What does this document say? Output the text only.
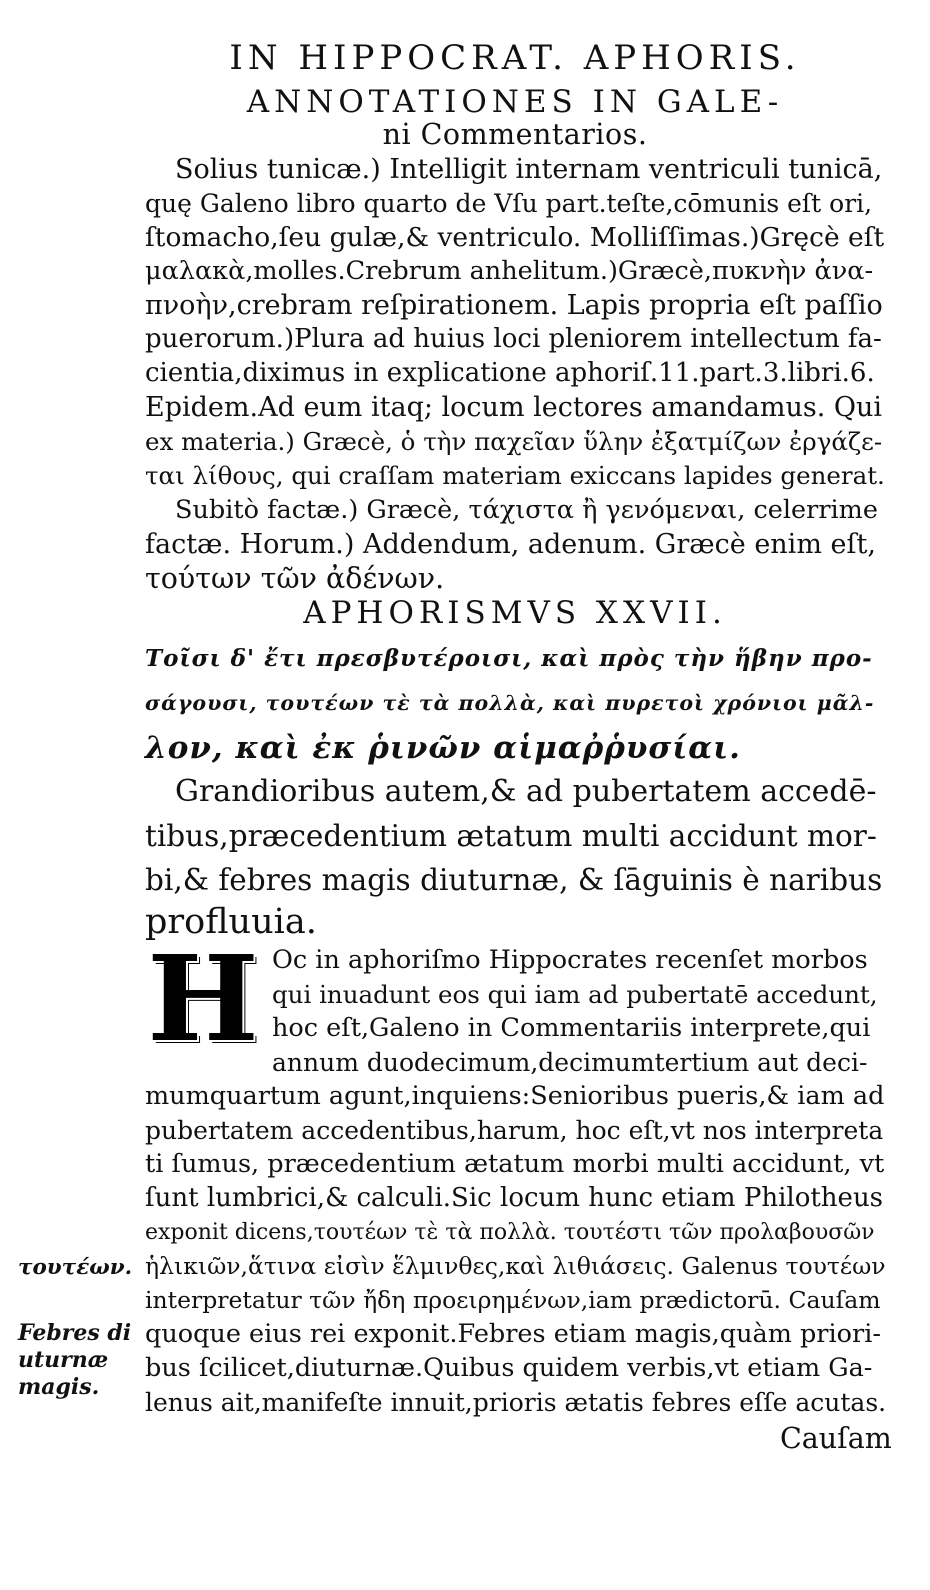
IN HIPPOCRAT. APHORIS.
ANNOTATIONES IN GALE-
ni Commentarios.
Solius tunicæ.) Intelligit internam ventriculi tunicā,
quę Galeno libro quarto de Vſu part.teſte,cōmunis eſt ori,
ſtomacho,ſeu gulæ,& ventriculo. Molliſſimas.)Gręcè eſt
μαλακὰ,molles.Crebrum anhelitum.)Græcè,πυκνὴν ἀνα-
πνοὴν,crebram reſpirationem. Lapis propria eſt paſſio
puerorum.)Plura ad huius loci pleniorem intellectum fa-
cientia,diximus in explicatione aphoriſ.11.part.3.libri.6.
Epidem.Ad eum itaq; locum lectores amandamus. Qui
ex materia.) Græcè, ὁ τὴν παχεῖαν ὕλην ἐξατμίζων ἐργάζε-
ται λίθους, qui craſſam materiam exiccans lapides generat.
Subitò factæ.) Græcè, τάχιστα ἢ γενόμεναι, celerrime
factæ. Horum.) Addendum, adenum. Græcè enim eſt,
τούτων τῶν ἀδένων.
APHORISMVS XXVII.
Τοῖσι δ' ἔτι πρεσβυτέροισι, καὶ πρὸς τὴν ἥβην προ-
σάγουσι, τουτέων τὲ τὰ πολλὰ, καὶ πυρετοὶ χρόνιοι μᾶλ-
λον, καὶ ἐκ ῥινῶν αἱμαῤῥυσίαι.
Grandioribus autem,& ad pubertatem accedē-
tibus,præcedentium ætatum multi accidunt mor-
bi,& febres magis diuturnæ, & ſāguinis è naribus
profluuia.
H Oc in aphoriſmo Hippocrates recenſet morbos
qui inuadunt eos qui iam ad pubertatē accedunt,
hoc eſt,Galeno in Commentariis interprete,qui
annum duodecimum,decimumtertium aut deci-
mumquartum agunt,inquiens:Senioribus pueris,& iam ad
pubertatem accedentibus,harum, hoc eſt,vt nos interpreta
ti ſumus, præcedentium ætatum morbi multi accidunt, vt
ſunt lumbrici,& calculi.Sic locum hunc etiam Philotheus
exponit dicens,τουτέων τὲ τὰ πολλὰ. τουτέστι τῶν προλαβουσῶν
ἡλικιῶν,ἅτινα εἰσὶν ἕλμινθες,καὶ λιθιάσεις. Galenus τουτέων
interpretatur τῶν ἤδη προειρημένων,iam prædictorū. Cauſam
quoque eius rei exponit.Febres etiam magis,quàm priori-
bus ſcilicet,diuturnæ.Quibus quidem verbis,vt etiam Ga-
lenus ait,manifeſte innuit,prioris ætatis febres eſſe acutas.
Cauſam
τουτέων.
Febres di
uturnæ
magis.
